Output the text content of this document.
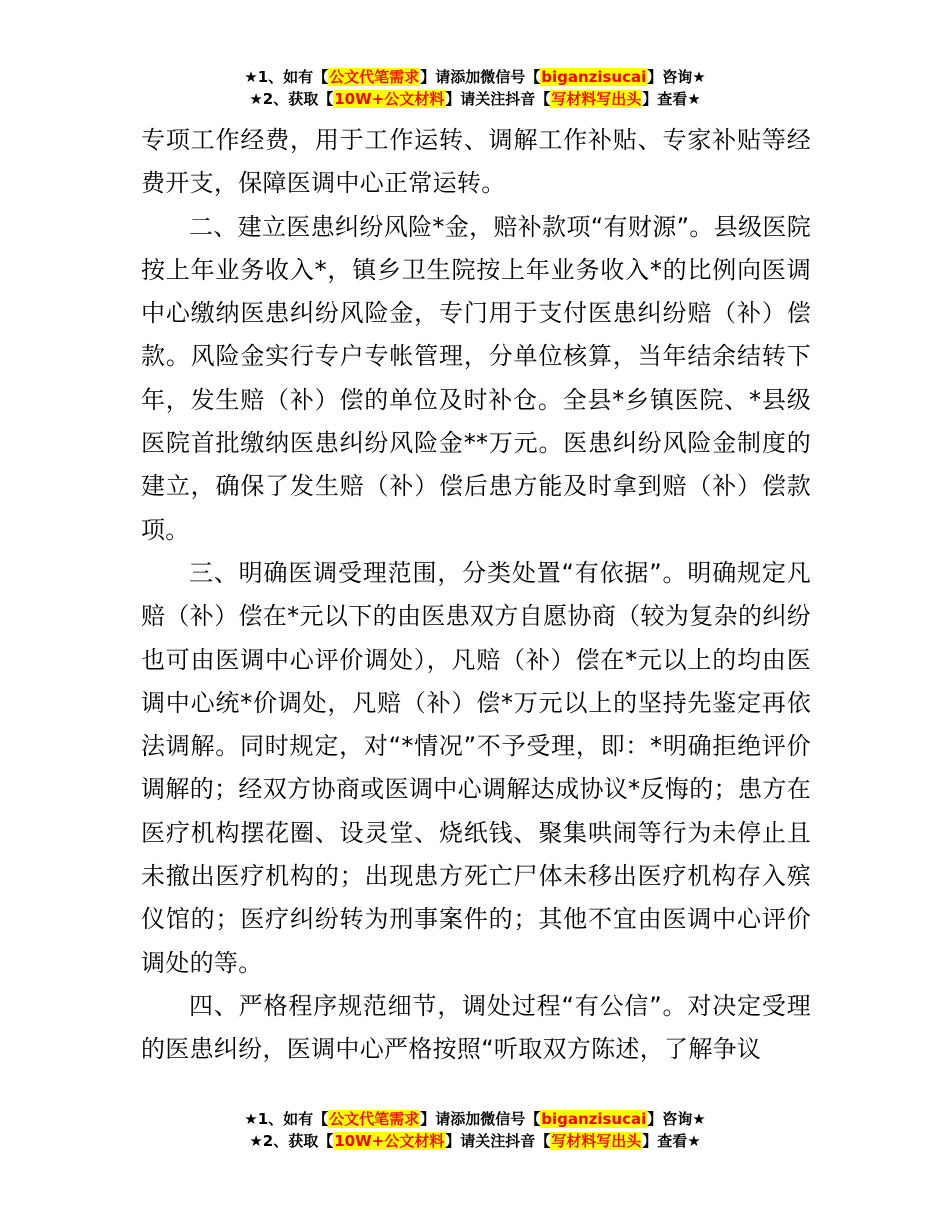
★1、如有【公文代笔需求】请添加微信号【biganzisucai】咨询★
★2、获取【10W+公文材料】请关注抖音【写材料写出头】查看★

专项工作经费，用于工作运转、调解工作补贴、专家补贴等经费开支，保障医调中心正常运转。

二、建立医患纠纷风险*金，赔补款项“有财源”。县级医院按上年业务收入*，镇乡卫生院按上年业务收入*的比例向医调中心缴纳医患纠纷风险金，专门用于支付医患纠纷赔（补）偿款。风险金实行专户专帐管理，分单位核算，当年结余结转下年，发生赔（补）偿的单位及时补仓。全县*乡镇医院、*县级医院首批缴纳医患纠纷风险金**万元。医患纠纷风险金制度的建立，确保了发生赔（补）偿后患方能及时拿到赔（补）偿款项。

三、明确医调受理范围，分类处置“有依据”。明确规定凡赔（补）偿在*元以下的由医患双方自愿协商（较为复杂的纠纷也可由医调中心评价调处），凡赔（补）偿在*元以上的均由医调中心统*价调处，凡赔（补）偿*万元以上的坚持先鉴定再依法调解。同时规定，对“*情况”不予受理，即：*明确拒绝评价调解的；经双方协商或医调中心调解达成协议*反悔的；患方在医疗机构摆花圈、设灵堂、烧纸钱、聚集哄闹等行为未停止且未撤出医疗机构的；出现患方死亡尸体未移出医疗机构存入殡仪馆的；医疗纠纷转为刑事案件的；其他不宜由医调中心评价调处的等。

四、严格程序规范细节，调处过程“有公信”。对决定受理的医患纠纷，医调中心严格按照“听取双方陈述，了解争议

★1、如有【公文代笔需求】请添加微信号【biganzisucai】咨询★
★2、获取【10W+公文材料】请关注抖音【写材料写出头】查看★
